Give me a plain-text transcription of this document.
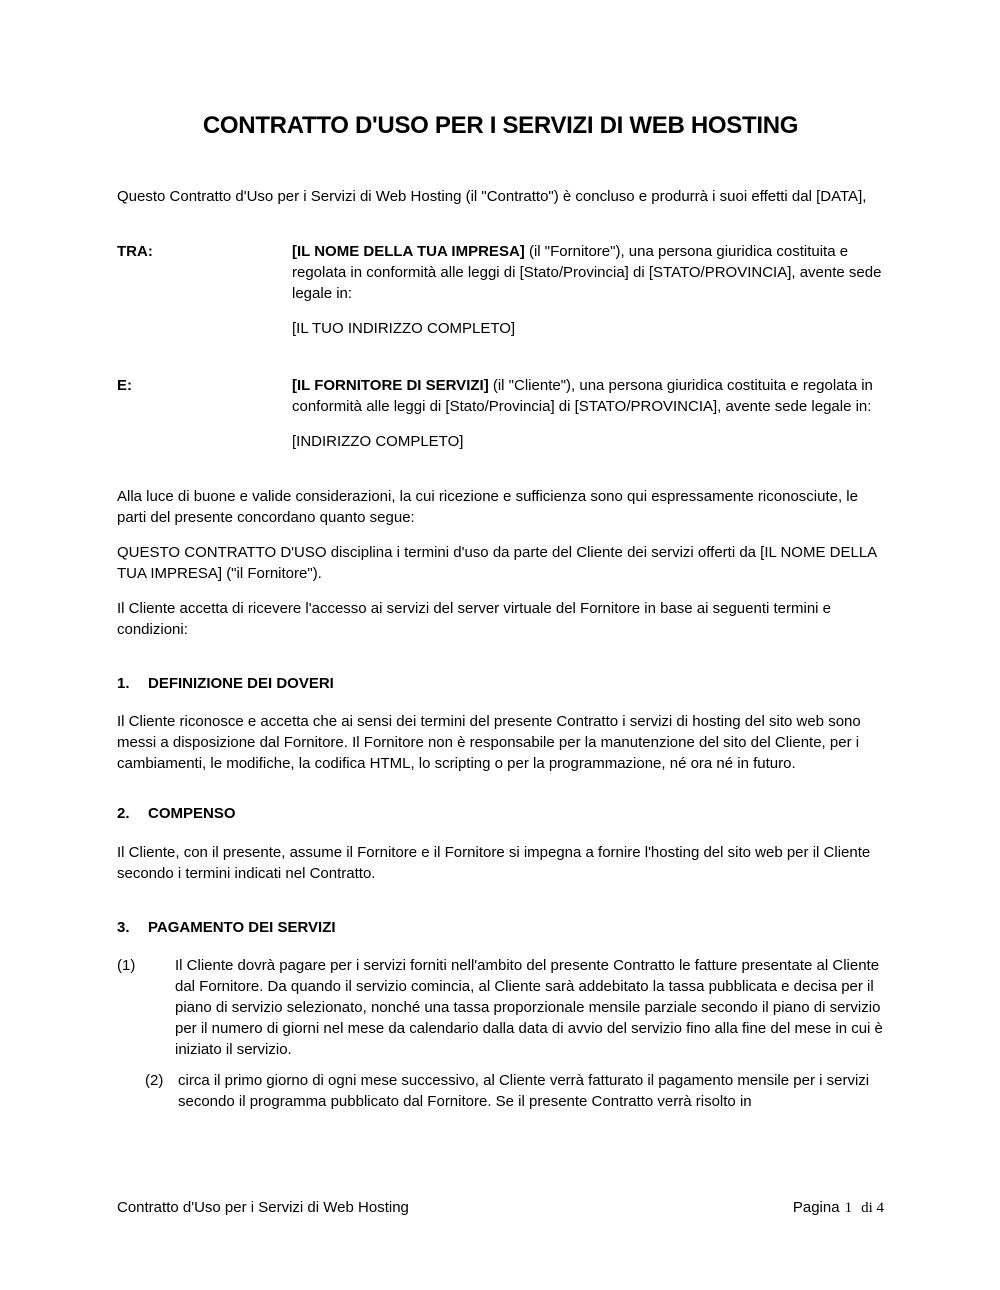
CONTRATTO D'USO PER I SERVIZI DI WEB HOSTING

Questo Contratto d'Uso per i Servizi di Web Hosting (il "Contratto") è concluso e produrrà i suoi effetti dal [DATA],

TRA:	[IL NOME DELLA TUA IMPRESA] (il "Fornitore"), una persona giuridica costituita e regolata in conformità alle leggi di [Stato/Provincia] di [STATO/PROVINCIA], avente sede legale in:
[IL TUO INDIRIZZO COMPLETO]
E:	[IL FORNITORE DI SERVIZI] (il "Cliente"), una persona giuridica costituita e regolata in conformità alle leggi di [Stato/Provincia] di [STATO/PROVINCIA], avente sede legale in:
[INDIRIZZO COMPLETO]

Alla luce di buone e valide considerazioni, la cui ricezione e sufficienza sono qui espressamente riconosciute, le parti del presente concordano quanto segue:

QUESTO CONTRATTO D'USO disciplina i termini d'uso da parte del Cliente dei servizi offerti da [IL NOME DELLA TUA IMPRESA] ("il Fornitore").

Il Cliente accetta di ricevere l'accesso ai servizi del server virtuale del Fornitore in base ai seguenti termini e condizioni:

1.	DEFINIZIONE DEI DOVERI

Il Cliente riconosce e accetta che ai sensi dei termini del presente Contratto i servizi di hosting del sito web sono messi a disposizione dal Fornitore. Il Fornitore non è responsabile per la manutenzione del sito del Cliente, per i cambiamenti, le modifiche, la codifica HTML, lo scripting o per la programmazione, né ora né in futuro.

2.	COMPENSO

Il Cliente, con il presente, assume il Fornitore e il Fornitore si impegna a fornire l'hosting del sito web per il Cliente secondo i termini indicati nel Contratto.

3.	PAGAMENTO DEI SERVIZI
(1)	Il Cliente dovrà pagare per i servizi forniti nell'ambito del presente Contratto le fatture presentate al Cliente dal Fornitore. Da quando il servizio comincia, al Cliente sarà addebitato la tassa pubblicata e decisa per il piano di servizio selezionato, nonché una tassa proporzionale mensile parziale secondo il piano di servizio per il numero di giorni nel mese da calendario dalla data di avvio del servizio fino alla fine del mese in cui è iniziato il servizio.
(2) circa il primo giorno di ogni mese successivo, al Cliente verrà fatturato il pagamento mensile per i servizi secondo il programma pubblicato dal Fornitore. Se il presente Contratto verrà risolto in
Contratto d'Uso per i Servizi di Web Hosting	Pagina 1 di 4
